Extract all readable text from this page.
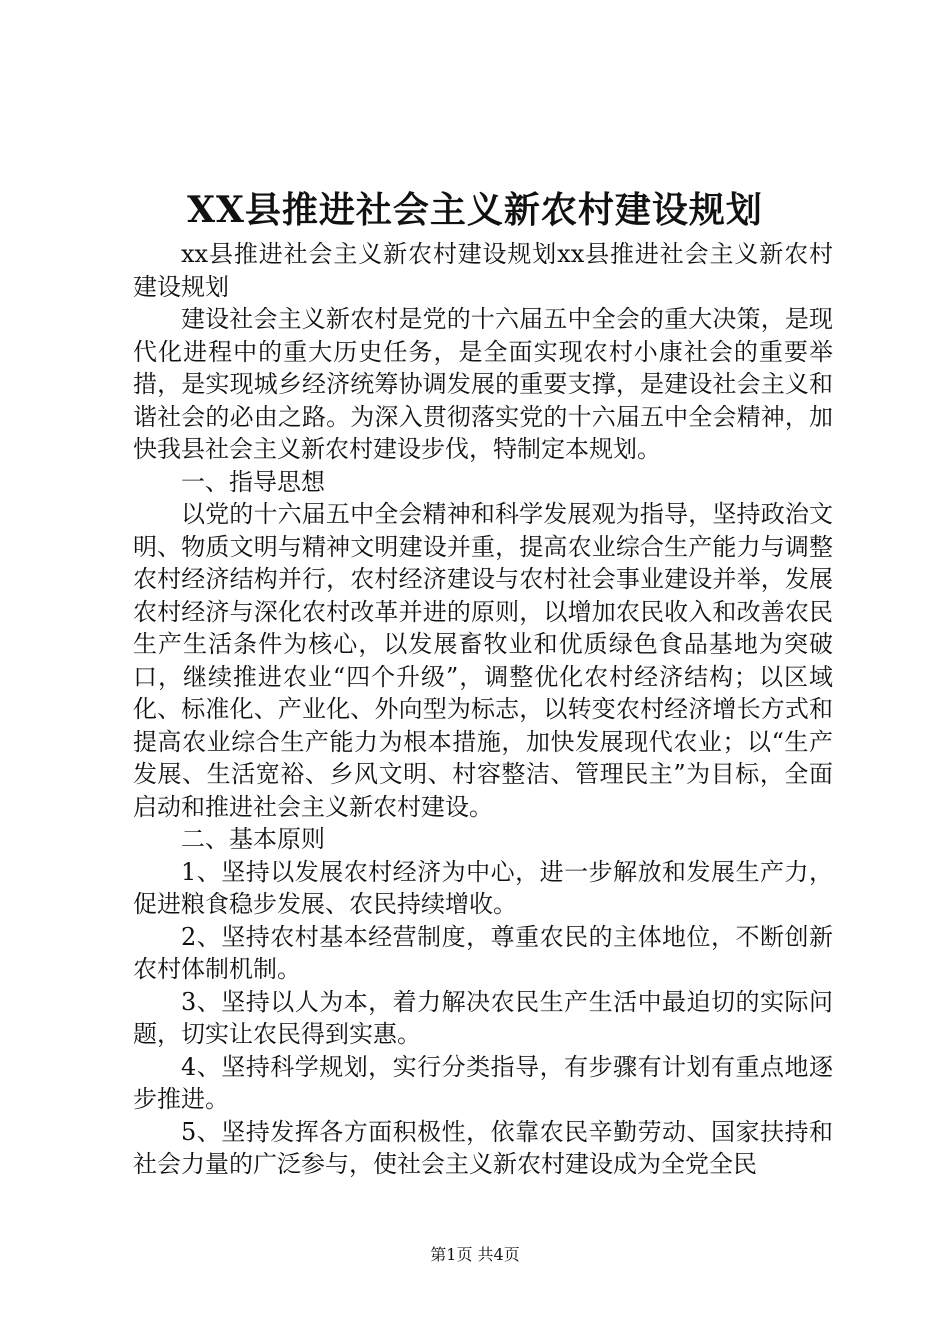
XX县推进社会主义新农村建设规划

xx县推进社会主义新农村建设规划xx县推进社会主义新农村建设规划

建设社会主义新农村是党的十六届五中全会的重大决策，是现代化进程中的重大历史任务，是全面实现农村小康社会的重要举措，是实现城乡经济统筹协调发展的重要支撑，是建设社会主义和谐社会的必由之路。为深入贯彻落实党的十六届五中全会精神，加快我县社会主义新农村建设步伐，特制定本规划。

一、指导思想

以党的十六届五中全会精神和科学发展观为指导，坚持政治文明、物质文明与精神文明建设并重，提高农业综合生产能力与调整农村经济结构并行，农村经济建设与农村社会事业建设并举，发展农村经济与深化农村改革并进的原则，以增加农民收入和改善农民生产生活条件为核心，以发展畜牧业和优质绿色食品基地为突破口，继续推进农业“四个升级”，调整优化农村经济结构；以区域化、标准化、产业化、外向型为标志，以转变农村经济增长方式和提高农业综合生产能力为根本措施，加快发展现代农业；以“生产发展、生活宽裕、乡风文明、村容整洁、管理民主”为目标，全面启动和推进社会主义新农村建设。

二、基本原则

1、坚持以发展农村经济为中心，进一步解放和发展生产力，促进粮食稳步发展、农民持续增收。

2、坚持农村基本经营制度，尊重农民的主体地位，不断创新农村体制机制。

3、坚持以人为本，着力解决农民生产生活中最迫切的实际问题，切实让农民得到实惠。

4、坚持科学规划，实行分类指导，有步骤有计划有重点地逐步推进。

5、坚持发挥各方面积极性，依靠农民辛勤劳动、国家扶持和社会力量的广泛参与，使社会主义新农村建设成为全党全民

第1页 共4页
